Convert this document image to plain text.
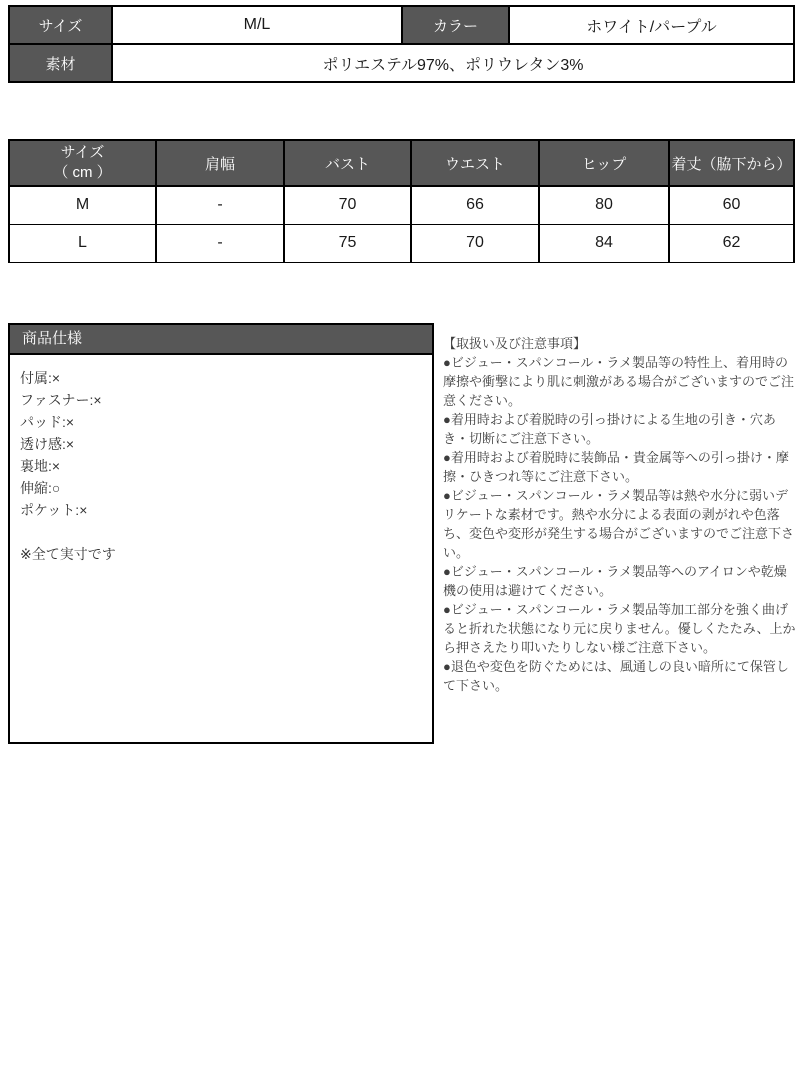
サイズ	M/L	カラー	ホワイト/パープル
素材	ポリエステル97%、ポリウレタン3%		
サイズ
（ cm ）	肩幅	バスト	ウエスト	ヒップ	着丈（脇下から）
M	-	70	66	80	60
L	-	75	70	84	62
商品仕様
付属:×
ファスナー:×
パッド:×
透け感:×
裏地:×
伸縮:○
ポケット:×
※全て実寸です
【取扱い及び注意事項】
●ビジュー・スパンコール・ラメ製品等の特性上、着用時の摩擦や衝撃により肌に刺激がある場合がございますのでご注意ください。
●着用時および着脱時の引っ掛けによる生地の引き・穴あき・切断にご注意下さい。
●着用時および着脱時に装飾品・貴金属等への引っ掛け・摩擦・ひきつれ等にご注意下さい。
●ビジュー・スパンコール・ラメ製品等は熱や水分に弱いデリケートな素材です。熱や水分による表面の剥がれや色落ち、変色や変形が発生する場合がございますのでご注意下さい。
●ビジュー・スパンコール・ラメ製品等へのアイロンや乾燥機の使用は避けてください。
●ビジュー・スパンコール・ラメ製品等加工部分を強く曲げると折れた状態になり元に戻りません。優しくたたみ、上から押さえたり叩いたりしない様ご注意下さい。
●退色や変色を防ぐためには、風通しの良い暗所にて保管して下さい。
